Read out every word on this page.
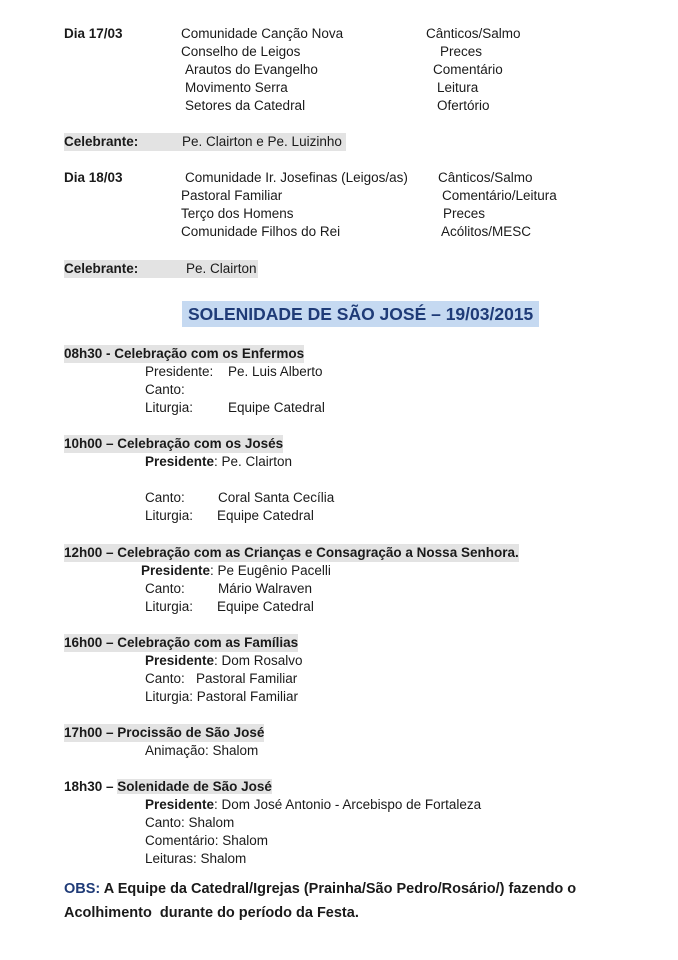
Dia 17/03	Comunidade Canção Nova	Cânticos/Salmo
Conselho de Leigos	Preces
Arautos do Evangelho	Comentário
Movimento Serra	Leitura
Setores da Catedral	Ofertório
Celebrante:	Pe. Clairton e Pe. Luizinho
Dia 18/03	Comunidade Ir. Josefinas (Leigos/as) Cânticos/Salmo
Pastoral Familiar	Comentário/Leitura
Terço dos Homens	Preces
Comunidade Filhos do Rei	Acólitos/MESC
Celebrante:	Pe. Clairton
SOLENIDADE DE SÃO JOSÉ – 19/03/2015
08h30 - Celebração com os Enfermos
Presidente: Pe. Luis Alberto
Canto:
Liturgia:	Equipe Catedral
10h00 – Celebração com os Josés
Presidente: Pe. Clairton
Canto: Coral Santa Cecília
Liturgia: Equipe Catedral
12h00 – Celebração com as Crianças e Consagração a Nossa Senhora.
Presidente: Pe Eugênio Pacelli
Canto: Mário Walraven
Liturgia: Equipe Catedral
16h00 – Celebração com as Famílias
Presidente: Dom Rosalvo
Canto:   Pastoral Familiar
Liturgia: Pastoral Familiar
17h00 – Procissão de São José
Animação: Shalom
18h30 – Solenidade de São José
Presidente: Dom José Antonio - Arcebispo de Fortaleza
Canto: Shalom
Comentário: Shalom
Leituras: Shalom
OBS: A Equipe da Catedral/Igrejas (Prainha/São Pedro/Rosário/) fazendo o
Acolhimento  durante do período da Festa.
